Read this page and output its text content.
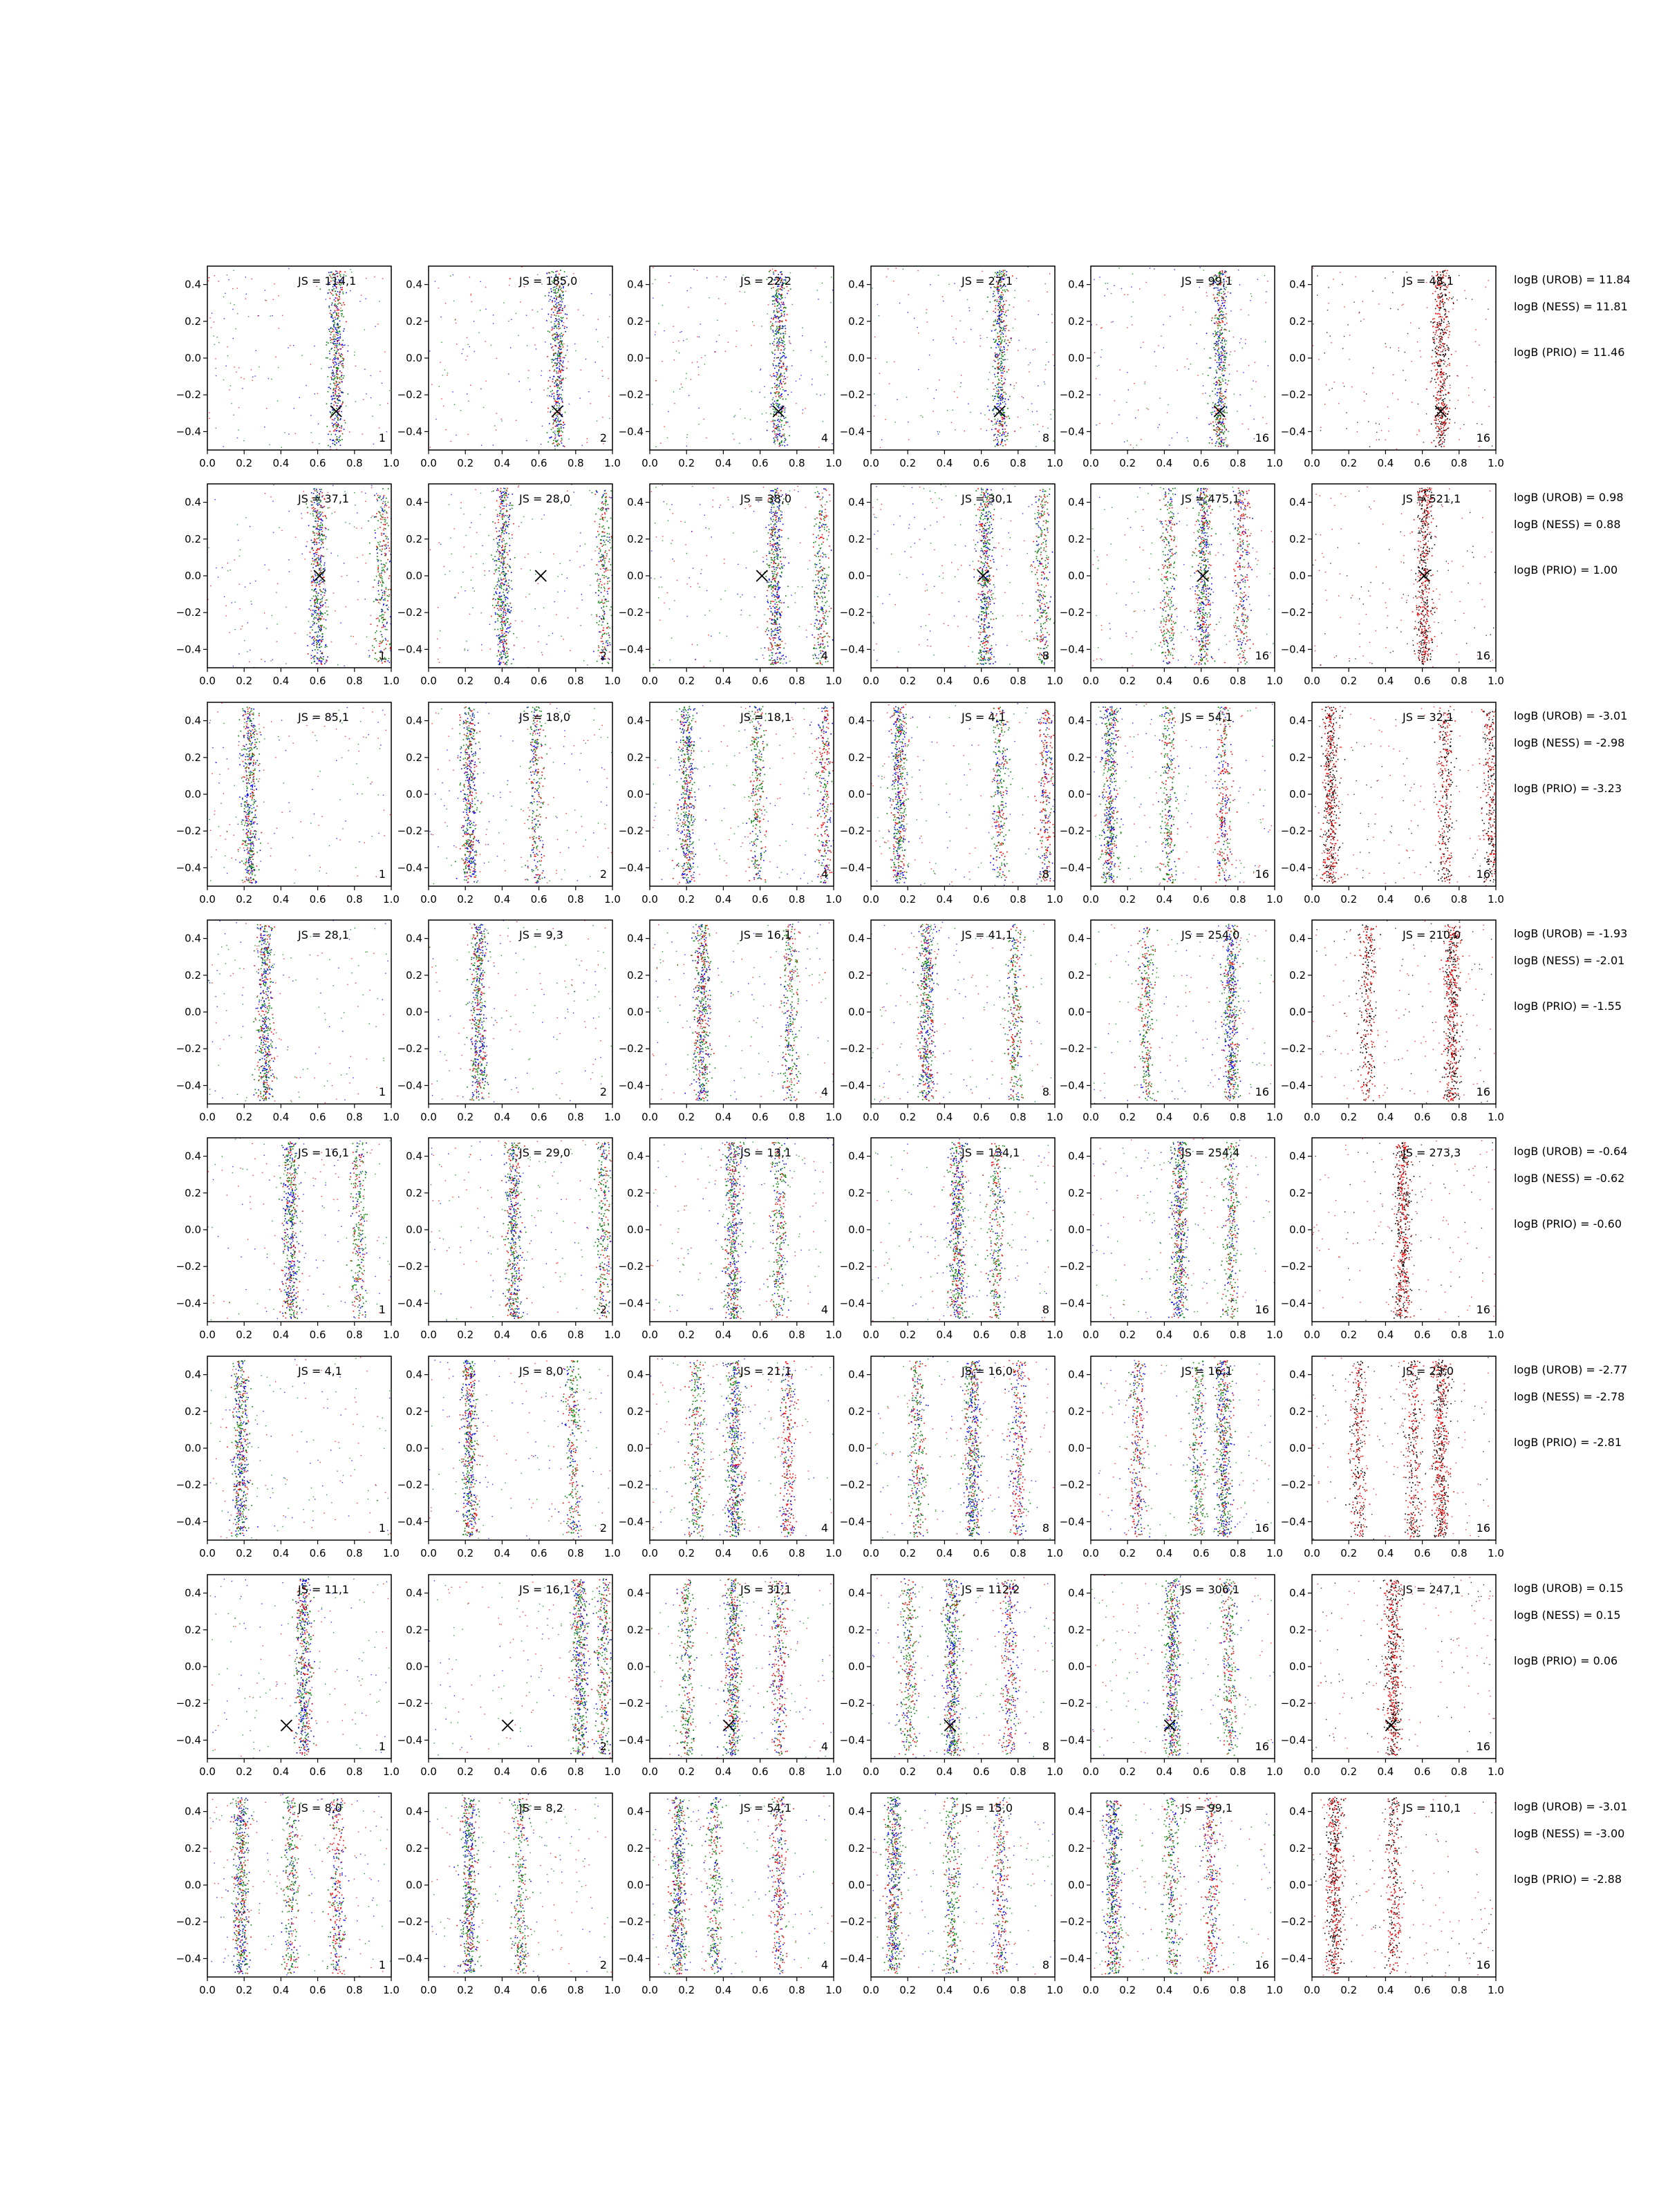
0.0 0.2 0.4 0.6 0.8 1.0
0.4
0.2
0.0
−0.2
−0.4
JS = 114,1
1
0.0 0.2 0.4 0.6 0.8 1.0
0.4
0.2
0.0
−0.2
−0.4
JS = 185,0
2
0.0 0.2 0.4 0.6 0.8 1.0
0.4
0.2
0.0
−0.2
−0.4
JS = 22,2
4
0.0 0.2 0.4 0.6 0.8 1.0
0.4
0.2
0.0
−0.2
−0.4
JS = 27,1
8
0.0 0.2 0.4 0.6 0.8 1.0
0.4
0.2
0.0
−0.2
−0.4
JS = 99,1
16
0.0 0.2 0.4 0.6 0.8 1.0
0.4
0.2
0.0
−0.2
−0.4
JS = 48,1
16
logB (UROB) = 11.84
logB (NESS) = 11.81
logB (PRIO) = 11.46
0.0 0.2 0.4 0.6 0.8 1.0
0.4
0.2
0.0
−0.2
−0.4
JS = 37,1
1
0.0 0.2 0.4 0.6 0.8 1.0
0.4
0.2
0.0
−0.2
−0.4
JS = 28,0
2
0.0 0.2 0.4 0.6 0.8 1.0
0.4
0.2
0.0
−0.2
−0.4
JS = 38,0
4
0.0 0.2 0.4 0.6 0.8 1.0
0.4
0.2
0.0
−0.2
−0.4
JS = 30,1
8
0.0 0.2 0.4 0.6 0.8 1.0
0.4
0.2
0.0
−0.2
−0.4
JS = 475,1
16
0.0 0.2 0.4 0.6 0.8 1.0
0.4
0.2
0.0
−0.2
−0.4
JS = 521,1
16
logB (UROB) = 0.98
logB (NESS) = 0.88
logB (PRIO) = 1.00
0.0 0.2 0.4 0.6 0.8 1.0
0.4
0.2
0.0
−0.2
−0.4
JS = 85,1
1
0.0 0.2 0.4 0.6 0.8 1.0
0.4
0.2
0.0
−0.2
−0.4
JS = 18,0
2
0.0 0.2 0.4 0.6 0.8 1.0
0.4
0.2
0.0
−0.2
−0.4
JS = 18,1
4
0.0 0.2 0.4 0.6 0.8 1.0
0.4
0.2
0.0
−0.2
−0.4
JS = 4,1
8
0.0 0.2 0.4 0.6 0.8 1.0
0.4
0.2
0.0
−0.2
−0.4
JS = 54,1
16
0.0 0.2 0.4 0.6 0.8 1.0
0.4
0.2
0.0
−0.2
−0.4
JS = 32,1
16
logB (UROB) = -3.01
logB (NESS) = -2.98
logB (PRIO) = -3.23
0.0 0.2 0.4 0.6 0.8 1.0
0.4
0.2
0.0
−0.2
−0.4
JS = 28,1
1
0.0 0.2 0.4 0.6 0.8 1.0
0.4
0.2
0.0
−0.2
−0.4
JS = 9,3
2
0.0 0.2 0.4 0.6 0.8 1.0
0.4
0.2
0.0
−0.2
−0.4
JS = 16,1
4
0.0 0.2 0.4 0.6 0.8 1.0
0.4
0.2
0.0
−0.2
−0.4
JS = 41,1
8
0.0 0.2 0.4 0.6 0.8 1.0
0.4
0.2
0.0
−0.2
−0.4
JS = 254,0
16
0.0 0.2 0.4 0.6 0.8 1.0
0.4
0.2
0.0
−0.2
−0.4
JS = 210,0
16
logB (UROB) = -1.93
logB (NESS) = -2.01
logB (PRIO) = -1.55
0.0 0.2 0.4 0.6 0.8 1.0
0.4
0.2
0.0
−0.2
−0.4
JS = 16,1
1
0.0 0.2 0.4 0.6 0.8 1.0
0.4
0.2
0.0
−0.2
−0.4
JS = 29,0
2
0.0 0.2 0.4 0.6 0.8 1.0
0.4
0.2
0.0
−0.2
−0.4
JS = 13,1
4
0.0 0.2 0.4 0.6 0.8 1.0
0.4
0.2
0.0
−0.2
−0.4
JS = 134,1
8
0.0 0.2 0.4 0.6 0.8 1.0
0.4
0.2
0.0
−0.2
−0.4
JS = 254,4
16
0.0 0.2 0.4 0.6 0.8 1.0
0.4
0.2
0.0
−0.2
−0.4
JS = 273,3
16
logB (UROB) = -0.64
logB (NESS) = -0.62
logB (PRIO) = -0.60
0.0 0.2 0.4 0.6 0.8 1.0
0.4
0.2
0.0
−0.2
−0.4
JS = 4,1
1
0.0 0.2 0.4 0.6 0.8 1.0
0.4
0.2
0.0
−0.2
−0.4
JS = 8,0
2
0.0 0.2 0.4 0.6 0.8 1.0
0.4
0.2
0.0
−0.2
−0.4
JS = 21,1
4
0.0 0.2 0.4 0.6 0.8 1.0
0.4
0.2
0.0
−0.2
−0.4
JS = 16,0
8
0.0 0.2 0.4 0.6 0.8 1.0
0.4
0.2
0.0
−0.2
−0.4
JS = 16,1
16
0.0 0.2 0.4 0.6 0.8 1.0
0.4
0.2
0.0
−0.2
−0.4
JS = 23,0
16
logB (UROB) = -2.77
logB (NESS) = -2.78
logB (PRIO) = -2.81
0.0 0.2 0.4 0.6 0.8 1.0
0.4
0.2
0.0
−0.2
−0.4
JS = 11,1
1
0.0 0.2 0.4 0.6 0.8 1.0
0.4
0.2
0.0
−0.2
−0.4
JS = 16,1
2
0.0 0.2 0.4 0.6 0.8 1.0
0.4
0.2
0.0
−0.2
−0.4
JS = 31,1
4
0.0 0.2 0.4 0.6 0.8 1.0
0.4
0.2
0.0
−0.2
−0.4
JS = 112,2
8
0.0 0.2 0.4 0.6 0.8 1.0
0.4
0.2
0.0
−0.2
−0.4
JS = 306,1
16
0.0 0.2 0.4 0.6 0.8 1.0
0.4
0.2
0.0
−0.2
−0.4
JS = 247,1
16
logB (UROB) = 0.15
logB (NESS) = 0.15
logB (PRIO) = 0.06
0.0 0.2 0.4 0.6 0.8 1.0
0.4
0.2
0.0
−0.2
−0.4
JS = 8,0
1
0.0 0.2 0.4 0.6 0.8 1.0
0.4
0.2
0.0
−0.2
−0.4
JS = 8,2
2
0.0 0.2 0.4 0.6 0.8 1.0
0.4
0.2
0.0
−0.2
−0.4
JS = 54,1
4
0.0 0.2 0.4 0.6 0.8 1.0
0.4
0.2
0.0
−0.2
−0.4
JS = 15,0
8
0.0 0.2 0.4 0.6 0.8 1.0
0.4
0.2
0.0
−0.2
−0.4
JS = 99,1
16
0.0 0.2 0.4 0.6 0.8 1.0
0.4
0.2
0.0
−0.2
−0.4
JS = 110,1
16
logB (UROB) = -3.01
logB (NESS) = -3.00
logB (PRIO) = -2.88
